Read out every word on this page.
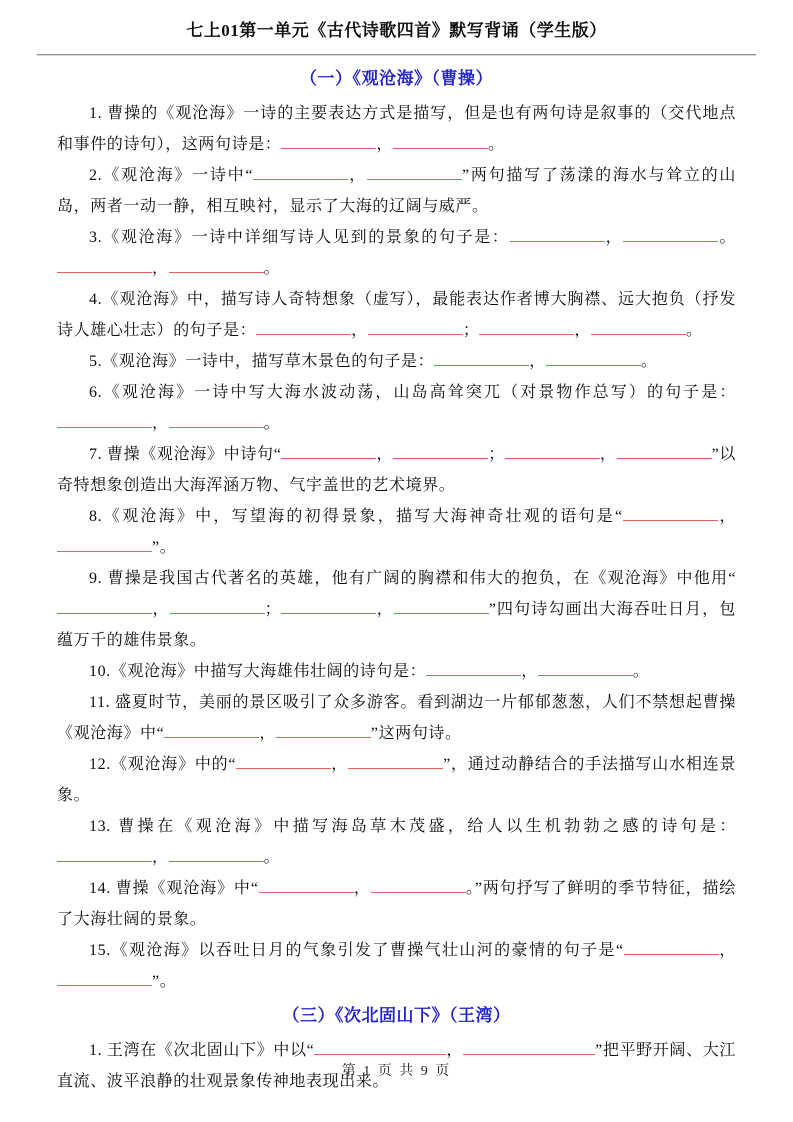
七上01第一单元《古代诗歌四首》默写背诵（学生版）
（一）《观沧海》（曹操）

1. 曹操的《观沧海》一诗的主要表达方式是描写，但是也有两句诗是叙事的（交代地点和事件的诗句），这两句诗是：	，	。

2.《观沧海》一诗中“	，	”两句描写了荡漾的海水与耸立的山岛，两者一动一静，相互映衬，显示了大海的辽阔与威严。

3.《观沧海》一诗中详细写诗人见到的景象的句子是：	，	。，	。

4.《观沧海》中，描写诗人奇特想象（虚写），最能表达作者博大胸襟、远大抱负（抒发诗人雄心壮志）的句子是：	，	；	，	。

5.《观沧海》一诗中，描写草木景色的句子是：	，	。

6.《观沧海》一诗中写大海水波动荡，山岛高耸突兀（对景物作总写）的句子是：，	。

7. 曹操《观沧海》中诗句“	，	；	，	”以奇特想象创造出大海浑涵万物、气宇盖世的艺术境界。

8.《观沧海》中，写望海的初得景象，描写大海神奇壮观的语句是“	，”。

9. 曹操是我国古代著名的英雄，他有广阔的胸襟和伟大的抱负，在《观沧海》中他用“，	；	，	”四句诗勾画出大海吞吐日月，包蕴万千的雄伟景象。

10.《观沧海》中描写大海雄伟壮阔的诗句是：	，	。

11. 盛夏时节，美丽的景区吸引了众多游客。看到湖边一片郁郁葱葱，人们不禁想起曹操《观沧海》中“	，	”这两句诗。

12.《观沧海》中的“	，	”，通过动静结合的手法描写山水相连景象。

13. 曹操在《观沧海》中描写海岛草木茂盛，给人以生机勃勃之感的诗句是：，	。

14. 曹操《观沧海》中“	，	。”两句抒写了鲜明的季节特征，描绘了大海壮阔的景象。

15.《观沧海》以吞吐日月的气象引发了曹操气壮山河的豪情的句子是“	，”。

（三）《次北固山下》（王湾）

1. 王湾在《次北固山下》中以“	，	”把平野开阔、大江直流、波平浪静的壮观景象传神地表现出来。

第 1 页 共 9 页
